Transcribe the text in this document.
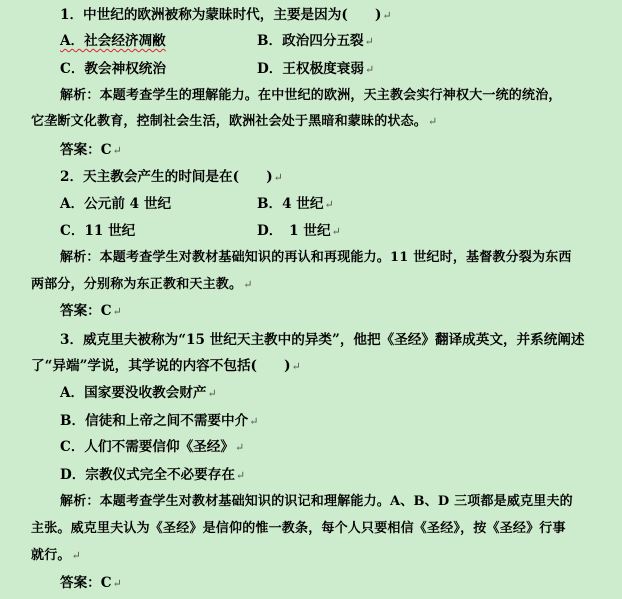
1．中世纪的欧洲被称为蒙昧时代，主要是因为(　　)↵
A．社会经济凋敝	B．政治四分五裂↵
C．教会神权统治	D．王权极度衰弱↵
解析：本题考查学生的理解能力。在中世纪的欧洲，天主教会实行神权大一统的统治，
它垄断文化教育，控制社会生活，欧洲社会处于黑暗和蒙昧的状态。↵
答案：C↵
2．天主教会产生的时间是在(　　)↵
A．公元前 4 世纪	B．4 世纪↵
C．11 世纪	D．　1 世纪↵
解析：本题考查学生对教材基础知识的再认和再现能力。11 世纪时，基督教分裂为东西
两部分，分别称为东正教和天主教。↵
答案：C↵
3．威克里夫被称为“15 世纪天主教中的异类”，他把《圣经》翻译成英文，并系统阐述
了“异端”学说，其学说的内容不包括(　　)↵
A．国家要没收教会财产↵
B．信徒和上帝之间不需要中介↵
C．人们不需要信仰《圣经》↵
D．宗教仪式完全不必要存在↵
解析：本题考查学生对教材基础知识的识记和理解能力。A、B、D 三项都是威克里夫的
主张。威克里夫认为《圣经》是信仰的惟一教条，每个人只要相信《圣经》，按《圣经》行事
就行。↵
答案：C↵
